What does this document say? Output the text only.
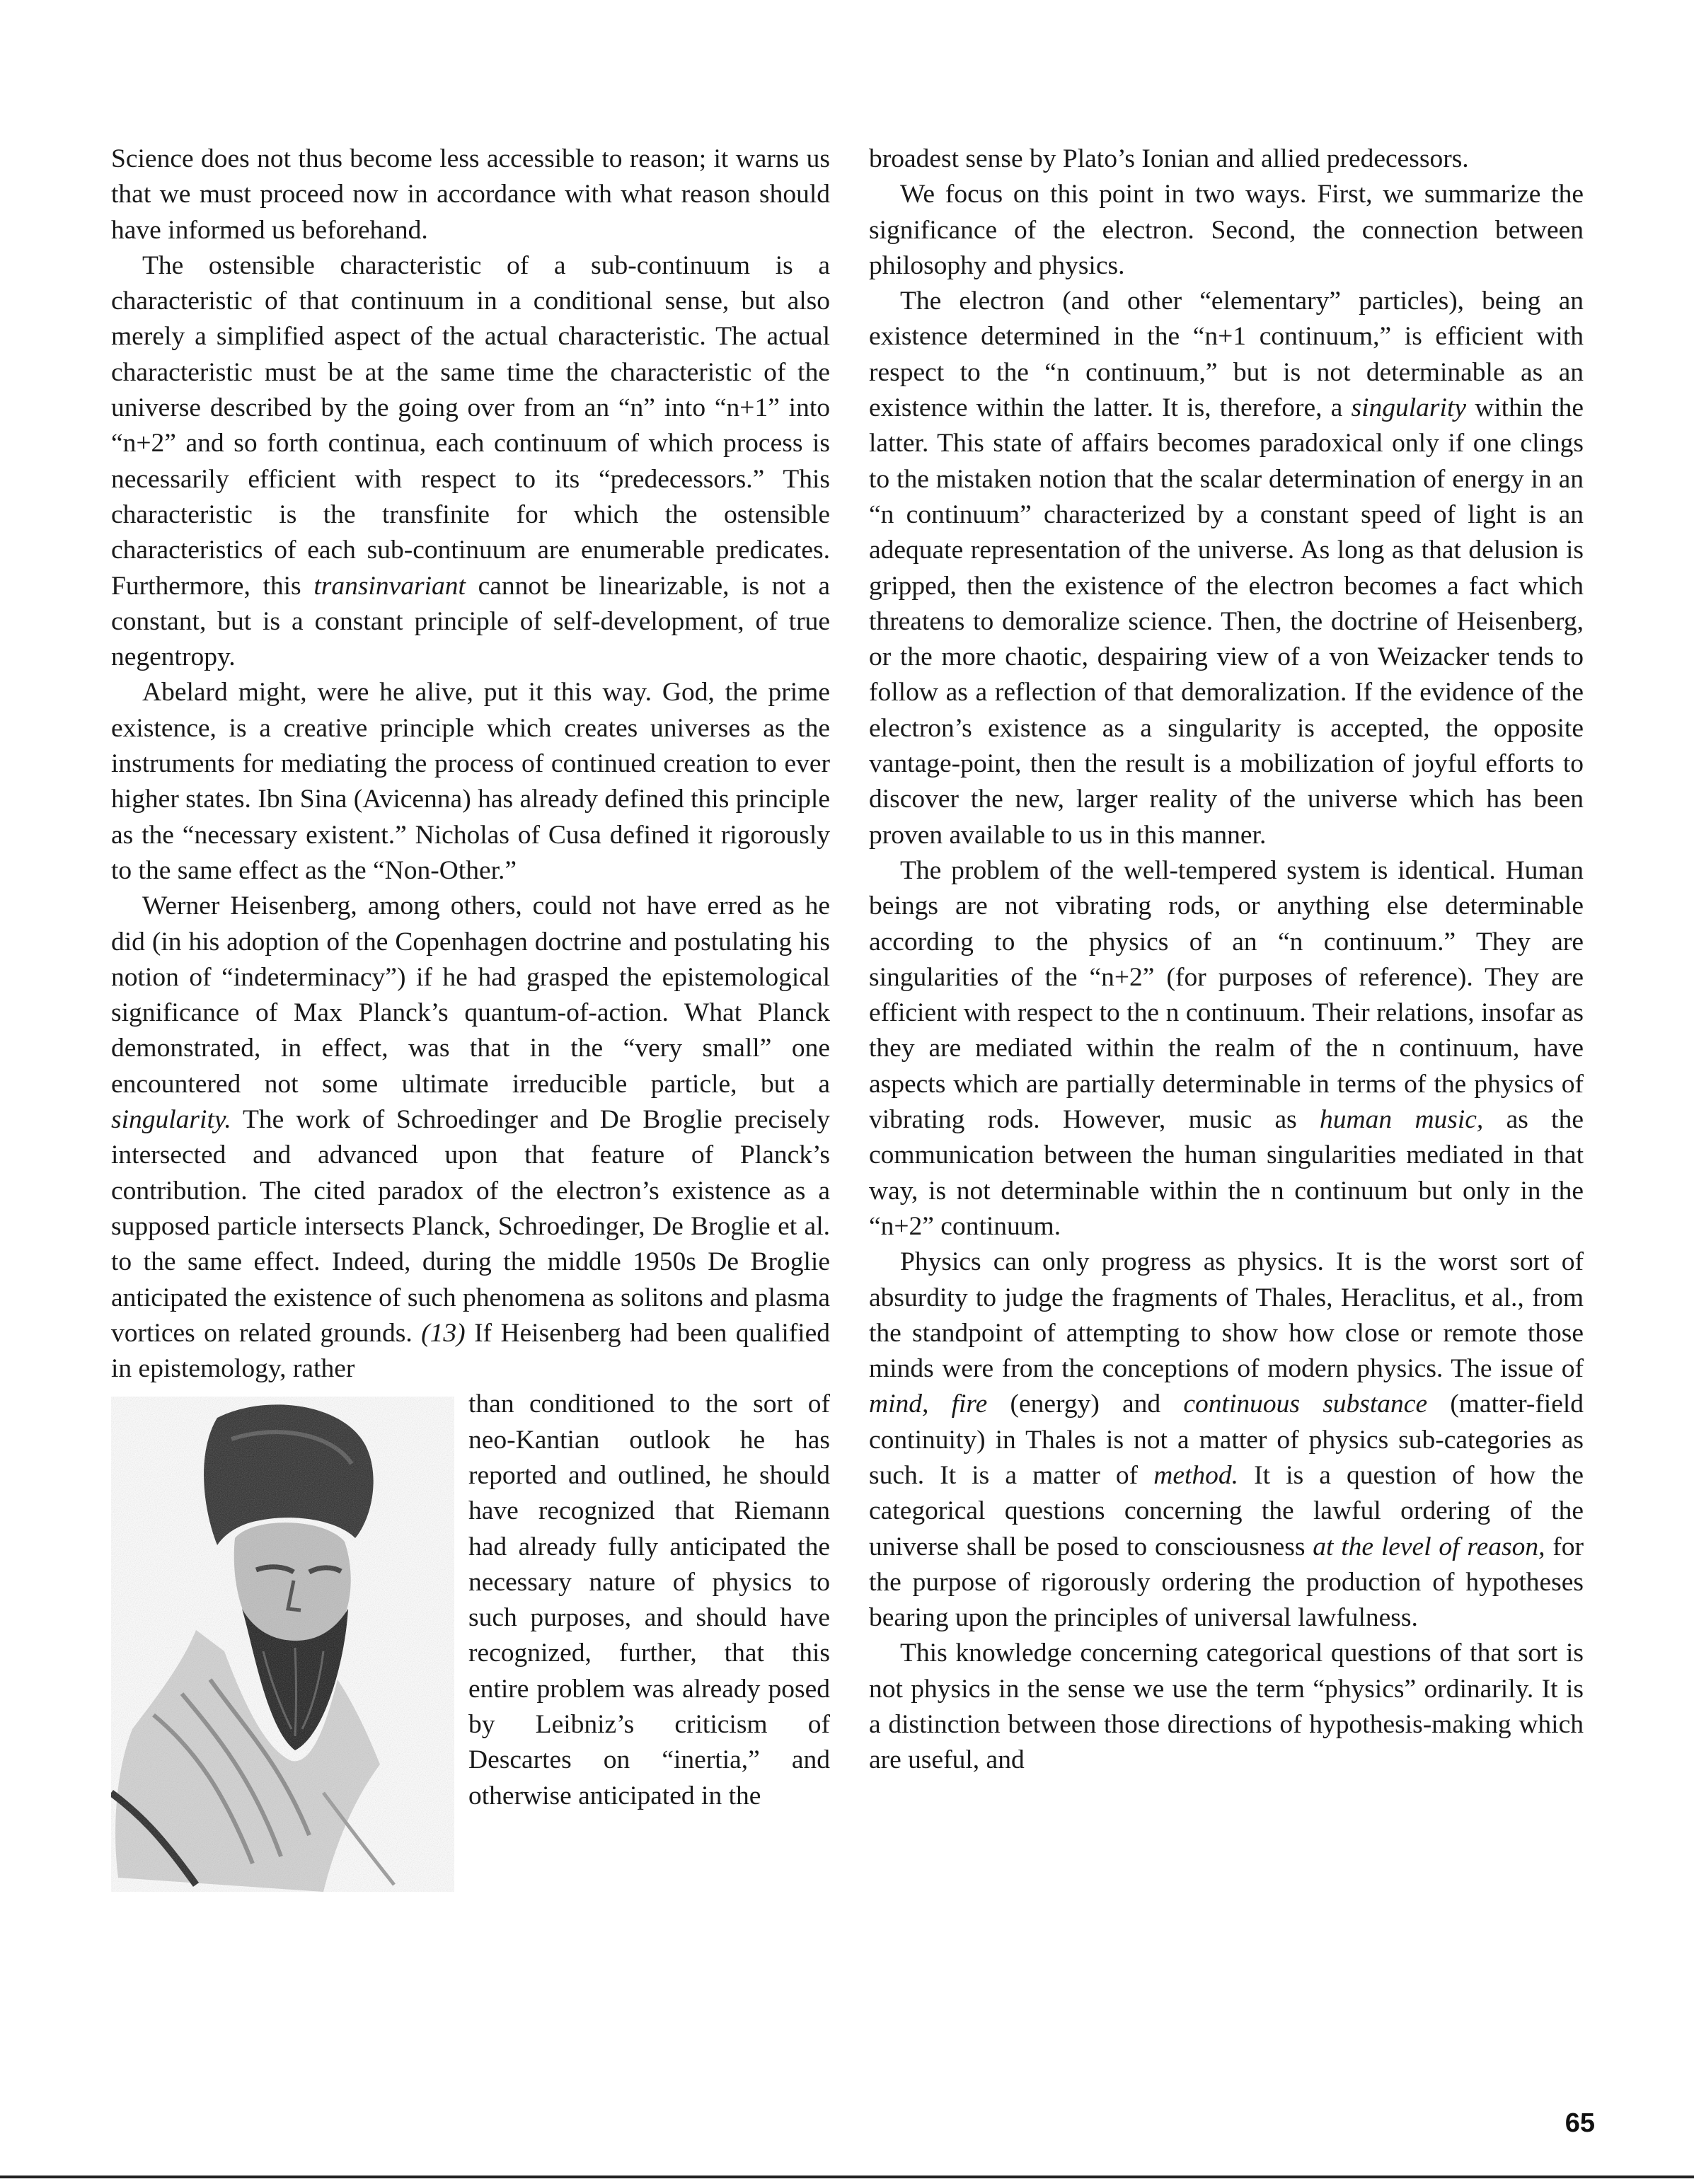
Science does not thus become less accessible to reason; it warns us that we must proceed now in accordance with what reason should have informed us beforehand.

The ostensible characteristic of a sub-continuum is a characteristic of that continuum in a conditional sense, but also merely a simplified aspect of the actual characteristic. The actual characteristic must be at the same time the characteristic of the universe described by the going over from an “n” into “n+1” into “n+2” and so forth continua, each continuum of which process is necessarily efficient with respect to its “predecessors.” This characteristic is the transfinite for which the ostensible characteristics of each sub-continuum are enumerable predicates. Furthermore, this transinvariant cannot be linearizable, is not a constant, but is a constant principle of self-development, of true negentropy.

Abelard might, were he alive, put it this way. God, the prime existence, is a creative principle which creates universes as the instruments for mediating the process of continued creation to ever higher states. Ibn Sina (Avicenna) has already defined this principle as the “necessary existent.” Nicholas of Cusa defined it rigorously to the same effect as the “Non-Other.”

Werner Heisenberg, among others, could not have erred as he did (in his adoption of the Copenhagen doctrine and postulating his notion of “indeterminacy”) if he had grasped the epistemological significance of Max Planck’s quantum-of-action. What Planck demonstrated, in effect, was that in the “very small” one encountered not some ultimate irreducible particle, but a singularity. The work of Schroedinger and De Broglie precisely intersected and advanced upon that feature of Planck’s contribution. The cited paradox of the electron’s existence as a supposed particle intersects Planck, Schroedinger, De Broglie et al. to the same effect. Indeed, during the middle 1950s De Broglie anticipated the existence of such phenomena as solitons and plasma vortices on related grounds. (13) If Heisenberg had been qualified in epistemology, rather

than conditioned to the sort of neo-Kantian outlook he has reported and outlined, he should have recognized that Riemann had already fully anticipated the necessary nature of physics to such purposes, and should have recognized, further, that this entire problem was already posed by Leibniz’s criticism of Descartes on “inertia,” and otherwise anticipated in the

broadest sense by Plato’s Ionian and allied predecessors.

We focus on this point in two ways. First, we summarize the significance of the electron. Second, the connection between philosophy and physics.

The electron (and other “elementary” particles), being an existence determined in the “n+1 continuum,” is efficient with respect to the “n continuum,” but is not determinable as an existence within the latter. It is, therefore, a singularity within the latter. This state of affairs becomes paradoxical only if one clings to the mistaken notion that the scalar determination of energy in an “n continuum” characterized by a constant speed of light is an adequate representation of the universe. As long as that delusion is gripped, then the existence of the electron becomes a fact which threatens to demoralize science. Then, the doctrine of Heisenberg, or the more chaotic, despairing view of a von Weizacker tends to follow as a reflection of that demoralization. If the evidence of the electron’s existence as a singularity is accepted, the opposite vantage-point, then the result is a mobilization of joyful efforts to discover the new, larger reality of the universe which has been proven available to us in this manner.

The problem of the well-tempered system is identical. Human beings are not vibrating rods, or anything else determinable according to the physics of an “n continuum.” They are singularities of the “n+2” (for purposes of reference). They are efficient with respect to the n continuum. Their relations, insofar as they are mediated within the realm of the n continuum, have aspects which are partially determinable in terms of the physics of vibrating rods. However, music as human music, as the communication between the human singularities mediated in that way, is not determinable within the n continuum but only in the “n+2” continuum.

Physics can only progress as physics. It is the worst sort of absurdity to judge the fragments of Thales, Heraclitus, et al., from the standpoint of attempting to show how close or remote those minds were from the conceptions of modern physics. The issue of mind, fire (energy) and continuous substance (matter-field continuity) in Thales is not a matter of physics sub-categories as such. It is a matter of method. It is a question of how the categorical questions concerning the lawful ordering of the universe shall be posed to consciousness at the level of reason, for the purpose of rigorously ordering the production of hypotheses bearing upon the principles of universal lawfulness.

This knowledge concerning categorical questions of that sort is not physics in the sense we use the term “physics” ordinarily. It is a distinction between those directions of hypothesis-making which are useful, and

65
